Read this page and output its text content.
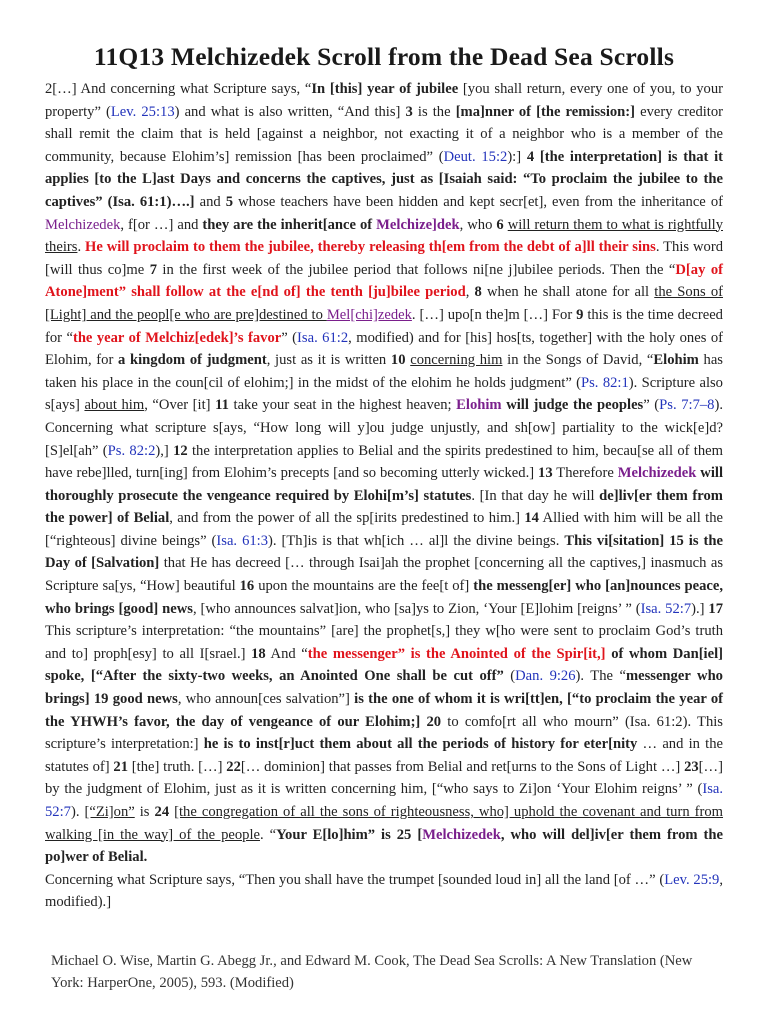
11Q13 Melchizedek Scroll from the Dead Sea Scrolls

2[…] And concerning what Scripture says, “In [this] year of jubilee [you shall return, every one of you, to your property” (Lev. 25:13) and what is also written, “And this] 3 is the [ma]nner of [the remission:] every creditor shall remit the claim that is held [against a neighbor, not exacting it of a neighbor who is a member of the community, because Elohim’s] remission [has been proclaimed” (Deut. 15:2):] 4 [the interpretation] is that it applies [to the L]ast Days and concerns the captives, just as [Isaiah said: “To proclaim the jubilee to the captives” (Isa. 61:1)….] and 5 whose teachers have been hidden and kept secr[et], even from the inheritance of Melchizedek, f[or …] and they are the inherit[ance of Melchize]dek, who 6 will return them to what is rightfully theirs. He will proclaim to them the jubilee, thereby releasing th[em from the debt of a]ll their sins. This word [will thus co]me 7 in the first week of the jubilee period that follows ni[ne j]ubilee periods. Then the “D[ay of Atone]ment” shall follow at the e[nd of] the tenth [ju]bilee period, 8 when he shall atone for all the Sons of [Light] and the peopl[e who are pre]destined to Mel[chi]zedek. […] upo[n the]m […] For 9 this is the time decreed for “the year of Melchiz[edek]’s favor” (Isa. 61:2, modified) and for [his] hos[ts, together] with the holy ones of Elohim, for a kingdom of judgment, just as it is written 10 concerning him in the Songs of David, “Elohim has taken his place in the coun[cil of elohim;] in the midst of the elohim he holds judgment” (Ps. 82:1). Scripture also s[ays] about him, “Over [it] 11 take your seat in the highest heaven; Elohim will judge the peoples” (Ps. 7:7–8). Concerning what scripture s[ays, “How long will y]ou judge unjustly, and sh[ow] partiality to the wick[e]d? [S]el[ah” (Ps. 82:2),] 12 the interpretation applies to Belial and the spirits predestined to him, becau[se all of them have rebe]lled, turn[ing] from Elohim’s precepts [and so becoming utterly wicked.] 13 Therefore Melchizedek will thoroughly prosecute the vengeance required by Elohi[m’s] statutes. [In that day he will de]liv[er them from the power] of Belial, and from the power of all the sp[irits predestined to him.] 14 Allied with him will be all the [“righteous] divine beings” (Isa. 61:3). [Th]is is that wh[ich … al]l the divine beings. This vi[sitation] 15 is the Day of [Salvation] that He has decreed [… through Isai]ah the prophet [concerning all the captives,] inasmuch as Scripture sa[ys, “How] beautiful 16 upon the mountains are the fee[t of] the messeng[er] who [an]nounces peace, who brings [good] news, [who announces salvat]ion, who [sa]ys to Zion, ‘Your [E]lohim [reigns’ ” (Isa. 52:7).] 17 This scripture’s interpretation: “the mountains” [are] the prophet[s,] they w[ho were sent to proclaim God’s truth and to] proph[esy] to all I[srael.] 18 And “the messenger” is the Anointed of the Spir[it,] of whom Dan[iel] spoke, [“After the sixty-two weeks, an Anointed One shall be cut off” (Dan. 9:26). The “messenger who brings] 19 good news, who announ[ces salvation”] is the one of whom it is wri[tt]en, [“to proclaim the year of the YHWH’s favor, the day of vengeance of our Elohim;] 20 to comfo[rt all who mourn” (Isa. 61:2). This scripture’s interpretation:] he is to inst[r]uct them about all the periods of history for eter[nity … and in the statutes of] 21 [the] truth. […] 22[… dominion] that passes from Belial and ret[urns to the Sons of Light …] 23[…] by the judgment of Elohim, just as it is written concerning him, [“who says to Zi]on ‘Your Elohim reigns’ ” (Isa. 52:7). [“Zi]on” is 24 [the congregation of all the sons of righteousness, who] uphold the covenant and turn from walking [in the way] of the people. “Your E[lo]him” is 25 [Melchizedek, who will del]iv[er them from the po]wer of Belial.

Concerning what Scripture says, “Then you shall have the trumpet [sounded loud in] all the land [of …” (Lev. 25:9, modified).]

Michael O. Wise, Martin G. Abegg Jr., and Edward M. Cook, The Dead Sea Scrolls: A New Translation (New York: HarperOne, 2005), 593. (Modified)
